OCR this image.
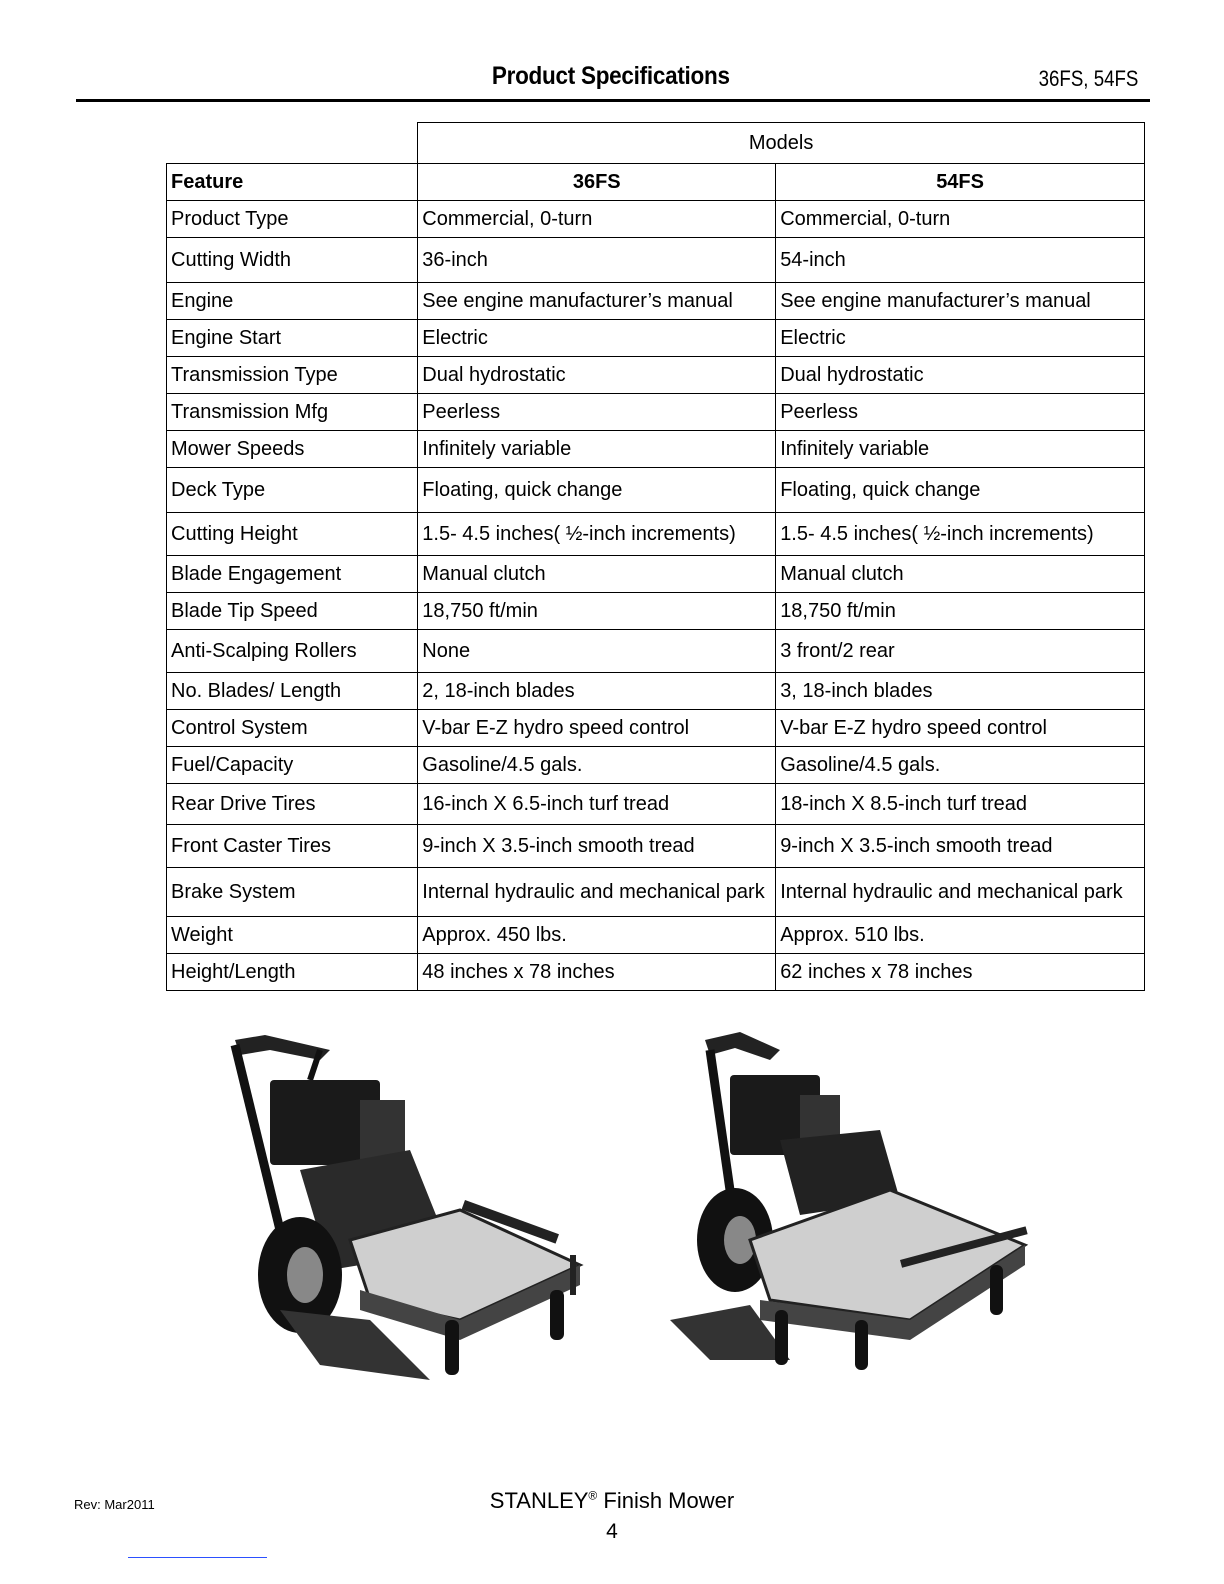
Product Specifications	36FS, 54FS
	Models	
Feature	36FS	54FS
Product Type	Commercial, 0-turn	Commercial, 0-turn
Cutting Width	36-inch	54-inch
Engine	See engine manufacturer’s manual	See engine manufacturer’s manual
Engine Start	Electric	Electric
Transmission Type	Dual hydrostatic	Dual hydrostatic
Transmission Mfg	Peerless	Peerless
Mower Speeds	Infinitely variable	Infinitely variable
Deck Type	Floating, quick change	Floating, quick change
Cutting Height	1.5- 4.5 inches( ½-inch increments)	1.5- 4.5 inches( ½-inch increments)
Blade Engagement	Manual clutch	Manual clutch
Blade Tip Speed	18,750 ft/min	18,750 ft/min
Anti-Scalping Rollers	None	3 front/2 rear
No. Blades/ Length	2, 18-inch blades	3, 18-inch blades
Control System	V-bar E-Z hydro speed control	V-bar E-Z hydro speed control
Fuel/Capacity	Gasoline/4.5 gals.	Gasoline/4.5 gals.
Rear Drive Tires	16-inch X 6.5-inch turf tread	18-inch X 8.5-inch turf tread
Front Caster Tires	9-inch X 3.5-inch smooth tread	9-inch X 3.5-inch smooth tread
Brake System	Internal hydraulic and mechanical park	Internal hydraulic and mechanical park
Weight	Approx. 450 lbs.	Approx. 510 lbs.
Height/Length	48 inches x 78 inches	62 inches x 78 inches
Rev: Mar2011	STANLEY® Finish Mower
4
